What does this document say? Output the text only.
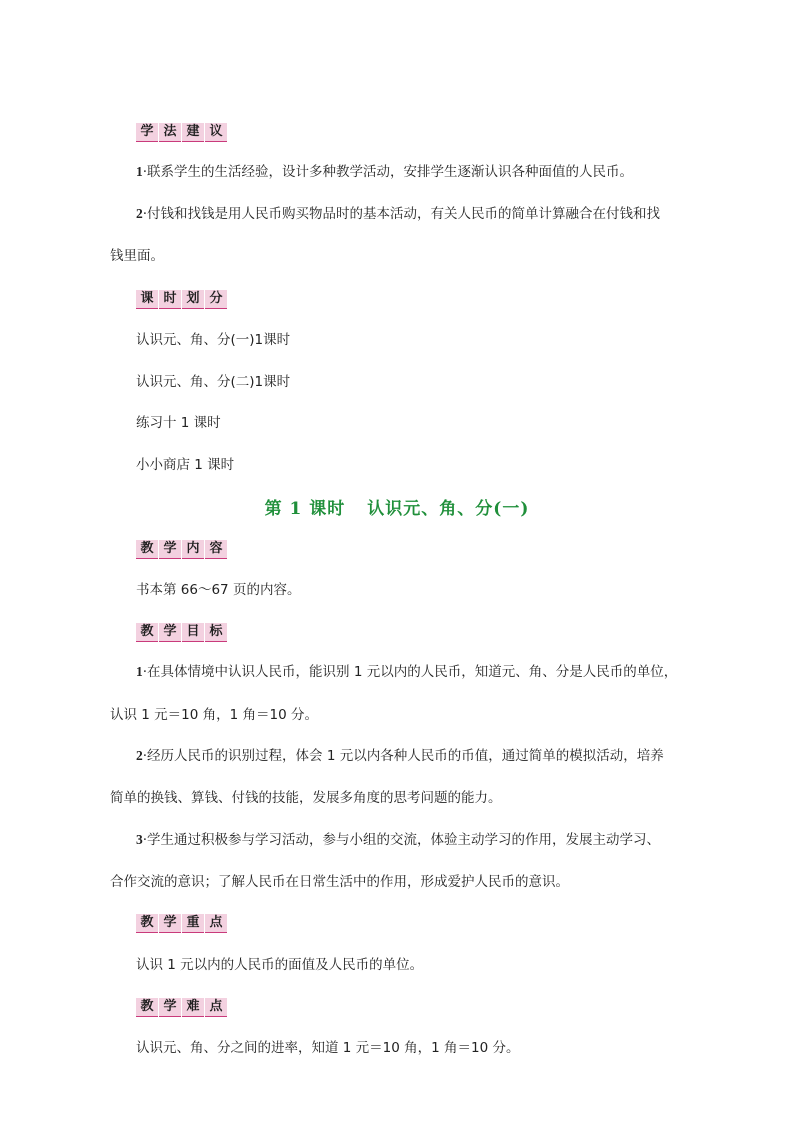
学 法 建 议
1·联系学生的生活经验，设计多种教学活动，安排学生逐渐认识各种面值的人民币。
2·付钱和找钱是用人民币购买物品时的基本活动，有关人民币的简单计算融合在付钱和找
钱里面。
课 时 划 分
认识元、角、分(一)1课时
认识元、角、分(二)1课时
练习十 1 课时
小小商店 1 课时
第 1 课时 认识元、角、分(一)
教 学 内 容
书本第 66～67 页的内容。
教 学 目 标
1·在具体情境中认识人民币，能识别 1 元以内的人民币，知道元、角、分是人民币的单位，
认识 1 元＝10 角，1 角＝10 分。
2·经历人民币的识别过程，体会 1 元以内各种人民币的币值，通过简单的模拟活动，培养
简单的换钱、算钱、付钱的技能，发展多角度的思考问题的能力。
3·学生通过积极参与学习活动，参与小组的交流，体验主动学习的作用，发展主动学习、
合作交流的意识；了解人民币在日常生活中的作用，形成爱护人民币的意识。
教 学 重 点
认识 1 元以内的人民币的面值及人民币的单位。
教 学 难 点
认识元、角、分之间的进率，知道 1 元＝10 角，1 角＝10 分。
